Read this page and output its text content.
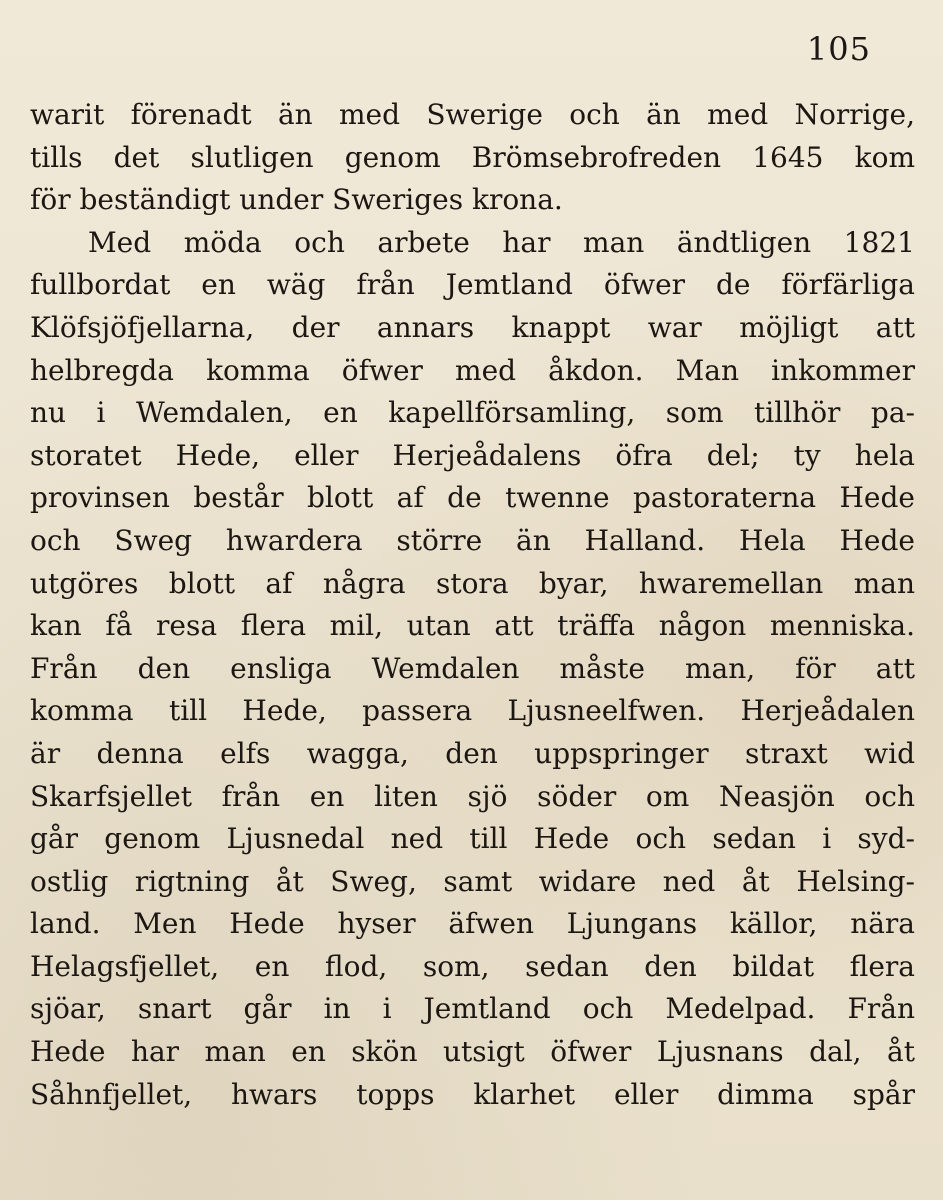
105
warit förenadt än med Swerige och än med Norrige,
tills det slutligen genom Brömsebrofreden 1645 kom
för beständigt under Sweriges krona.
Med möda och arbete har man ändtligen 1821
fullbordat en wäg från Jemtland öfwer de förfärliga
Klöfsjöfjellarna, der annars knappt war möjligt att
helbregda komma öfwer med åkdon. Man inkommer
nu i Wemdalen, en kapellförsamling, som tillhör pa-
storatet Hede, eller Herjeådalens öfra del; ty hela
provinsen består blott af de twenne pastoraterna Hede
och Sweg hwardera större än Halland. Hela Hede
utgöres blott af några stora byar, hwaremellan man
kan få resa flera mil, utan att träffa någon menniska.
Från den ensliga Wemdalen måste man, för att
komma till Hede, passera Ljusneelfwen. Herjeådalen
är denna elfs wagga, den uppspringer straxt wid
Skarfsjellet från en liten sjö söder om Neasjön och
går genom Ljusnedal ned till Hede och sedan i syd-
ostlig rigtning åt Sweg, samt widare ned åt Helsing-
land. Men Hede hyser äfwen Ljungans källor, nära
Helagsfjellet, en flod, som, sedan den bildat flera
sjöar, snart går in i Jemtland och Medelpad. Från
Hede har man en skön utsigt öfwer Ljusnans dal, åt
Såhnfjellet, hwars topps klarhet eller dimma spår
